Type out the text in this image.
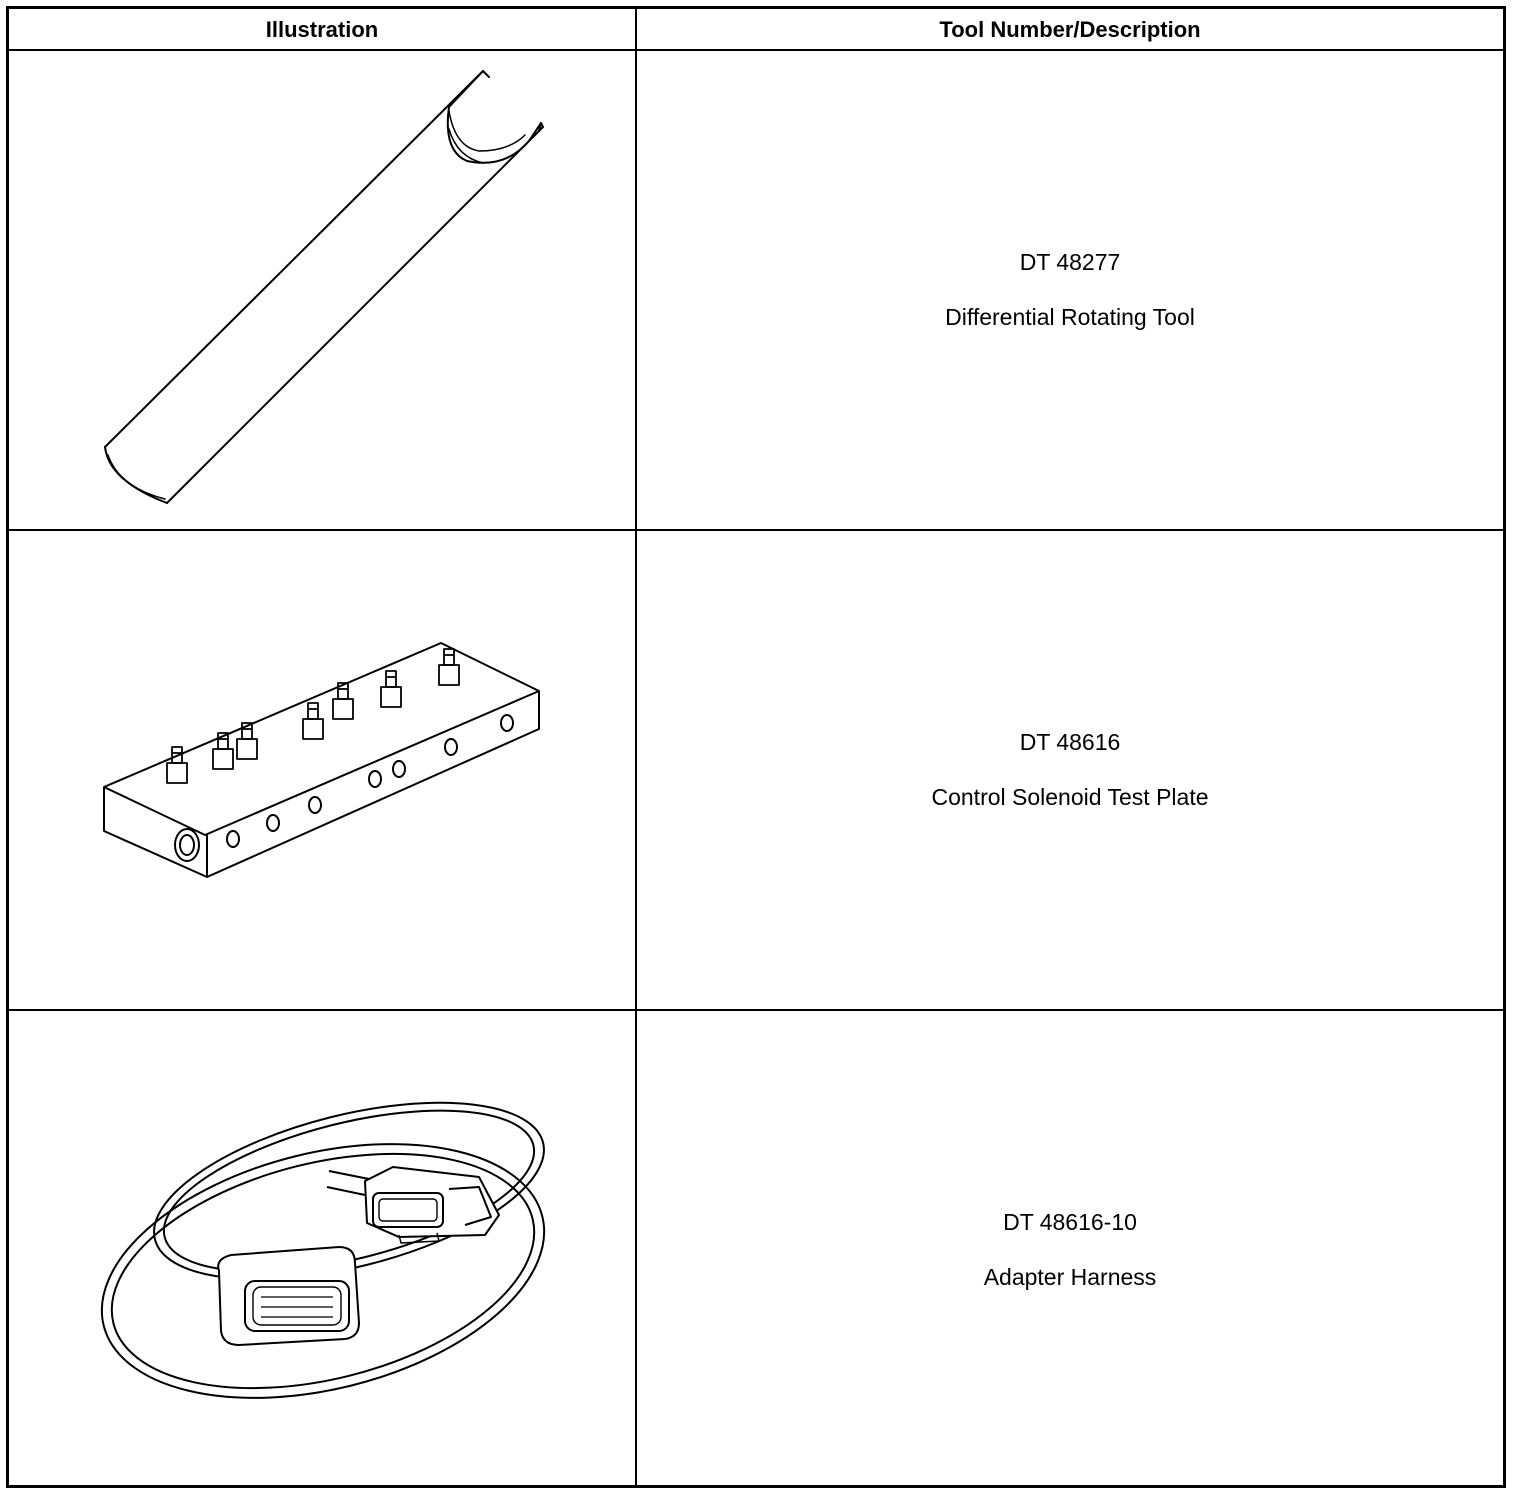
Illustration	Tool Number/Description
DT 48277
Differential Rotating Tool
DT 48616
Control Solenoid Test Plate
DT 48616-10
Adapter Harness
